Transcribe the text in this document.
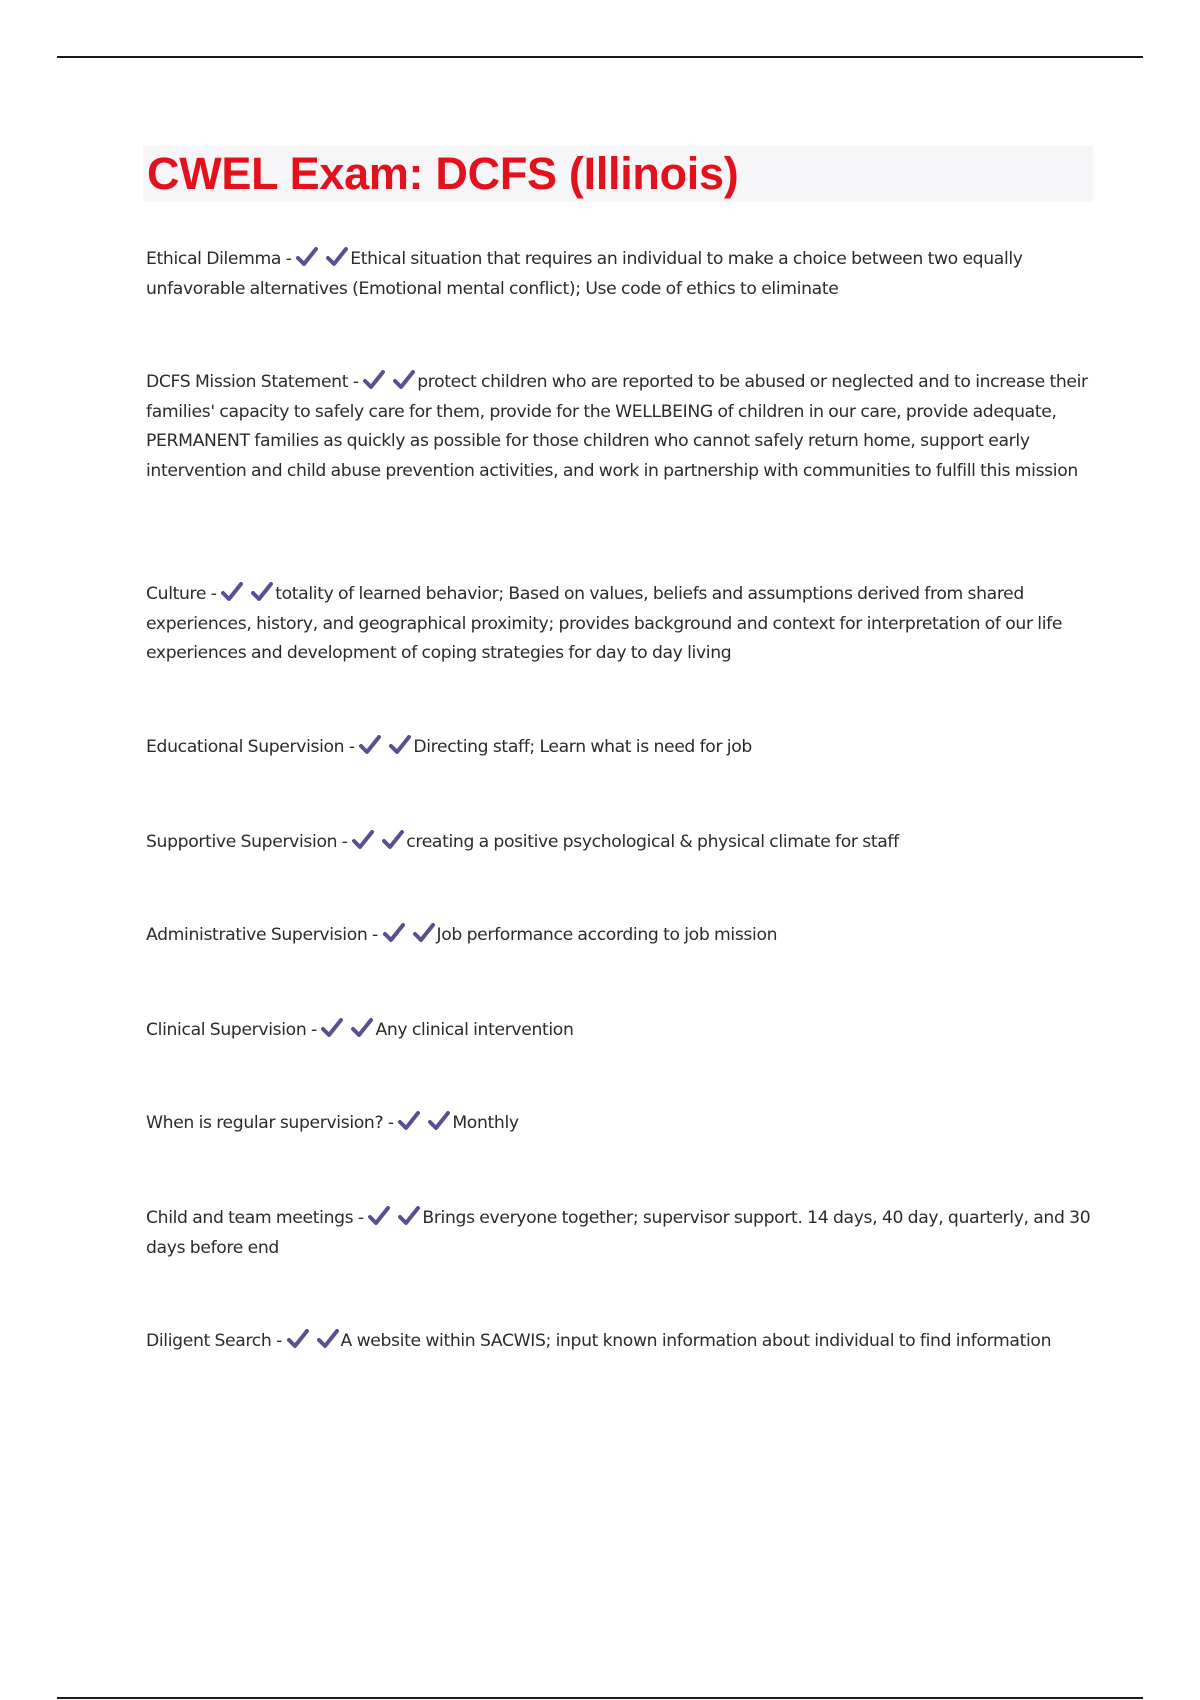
CWEL Exam: DCFS (Illinois)
Ethical Dilemma -	Ethical situation that requires an individual to make a choice between two equally unfavorable alternatives (Emotional mental conflict); Use code of ethics to eliminate
DCFS Mission Statement -	protect children who are reported to be abused or neglected and to increase their families' capacity to safely care for them, provide for the WELLBEING of children in our care, provide adequate, PERMANENT families as quickly as possible for those children who cannot safely return home, support early intervention and child abuse prevention activities, and work in partnership with communities to fulfill this mission
Culture -	totality of learned behavior; Based on values, beliefs and assumptions derived from shared experiences, history, and geographical proximity; provides background and context for interpretation of our life experiences and development of coping strategies for day to day living
Educational Supervision -	Directing staff; Learn what is need for job
Supportive Supervision -	creating a positive psychological & physical climate for staff
Administrative Supervision -	Job performance according to job mission
Clinical Supervision -	Any clinical intervention
When is regular supervision? -	Monthly
Child and team meetings -	Brings everyone together; supervisor support. 14 days, 40 day, quarterly, and 30 days before end
Diligent Search -	A website within SACWIS; input known information about individual to find information
